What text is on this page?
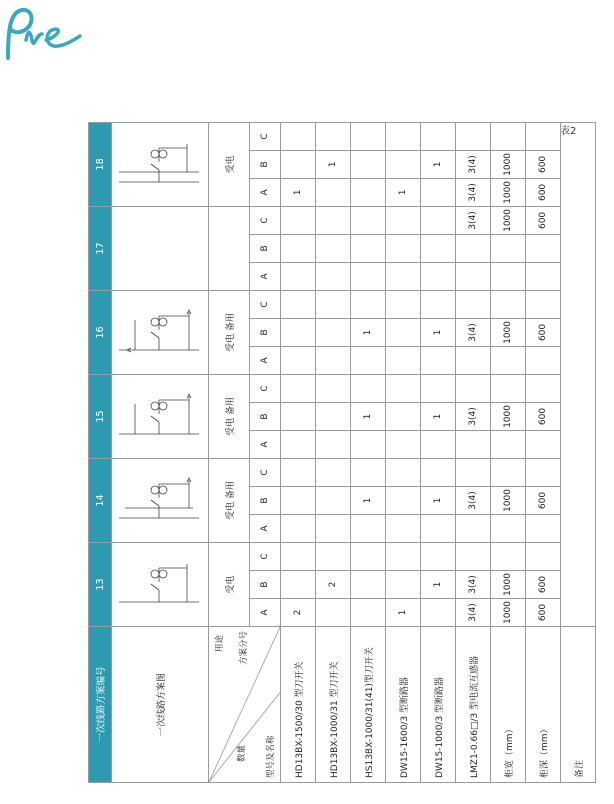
表2
一次线路方案编号	13			14			15			16			17			18		
一次线路方案图						

用途 方案分号
数量 型号及名称	受电			受电 备用			受电 备用			受电 备用						受电		
	A	B	C	A	B	C	A	B	C	A	B	C	A	B	C	A	B	C
HD13BX-1500/30 型刀开关	2															1		
HD13BX-1000/31 型刀开关		2															1	
HS13BX-1000/31(41)型刀开关					1			1			1							
DW15-1600/3 型断路器	1															1		
DW15-1000/3 型断路器		1			1			1			1						1	
LMZ1-0.66□/3 型电流互感器	3(4)	3(4)			3(4)			3(4)			3(4)				3(4)	3(4)	3(4)	
柜宽（mm）	1000	1000			1000			1000			1000				1000	1000	1000	
柜深（mm）	600	600			600			600			600				600	600	600	
备注																		
